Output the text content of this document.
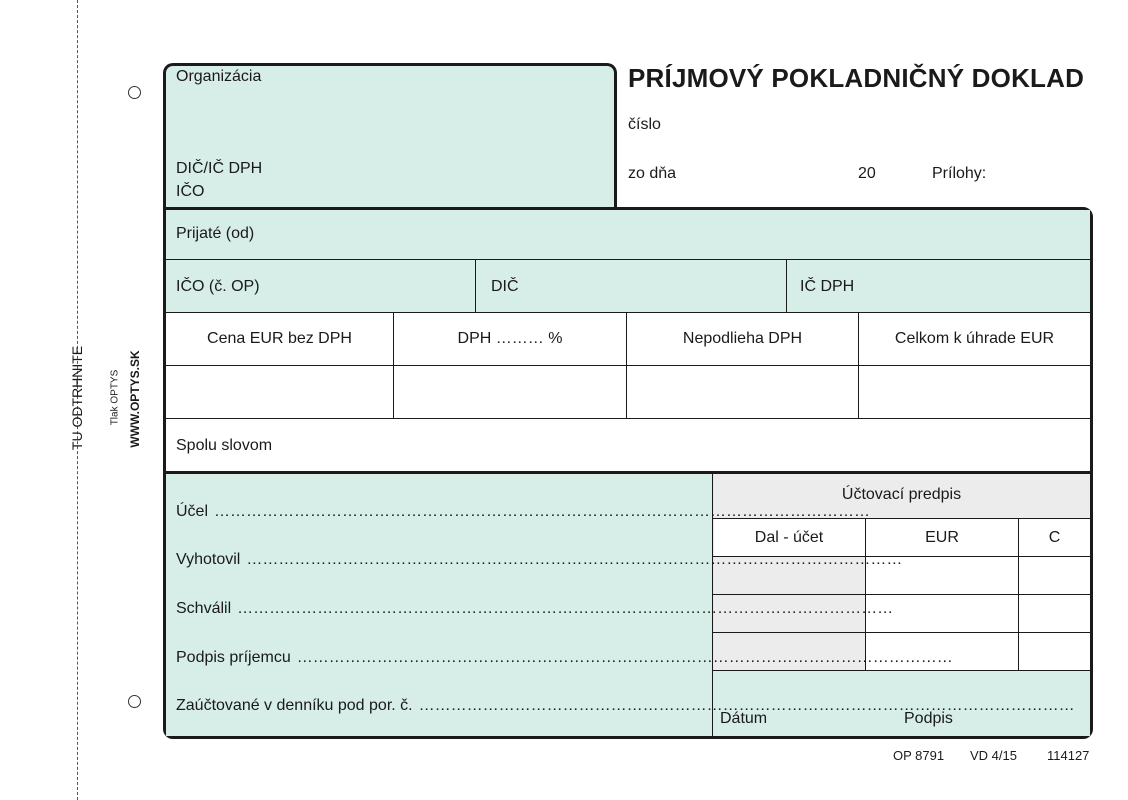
TU ODTRHNITE Tlak OPTYS WWW.OPTYS.SK
Organizácia
DIČ/IČ DPH
IČO
PRÍJMOVÝ POKLADNIČNÝ DOKLAD
číslo
zo dňa	20	Prílohy:
Prijaté (od)
IČO (č. OP)	DIČ	IČ DPH
Cena EUR bez DPH	DPH ……… %	Nepodlieha DPH	Celkom k úhrade EUR
Spolu slovom
Účel ……………………………………………………………………………………………………………
Vyhotovil ……………………………………………………………………………………………………………
Schválil ……………………………………………………………………………………………………………
Podpis príjemcu ……………………………………………………………………………………………………………
Zaúčtované v denníku pod por. č. ……………………………………………………………………………………………………………
Účtovací predpis
Dal - účet	EUR	C
Dátum	Podpis
OP 8791 VD 4/15 114127
